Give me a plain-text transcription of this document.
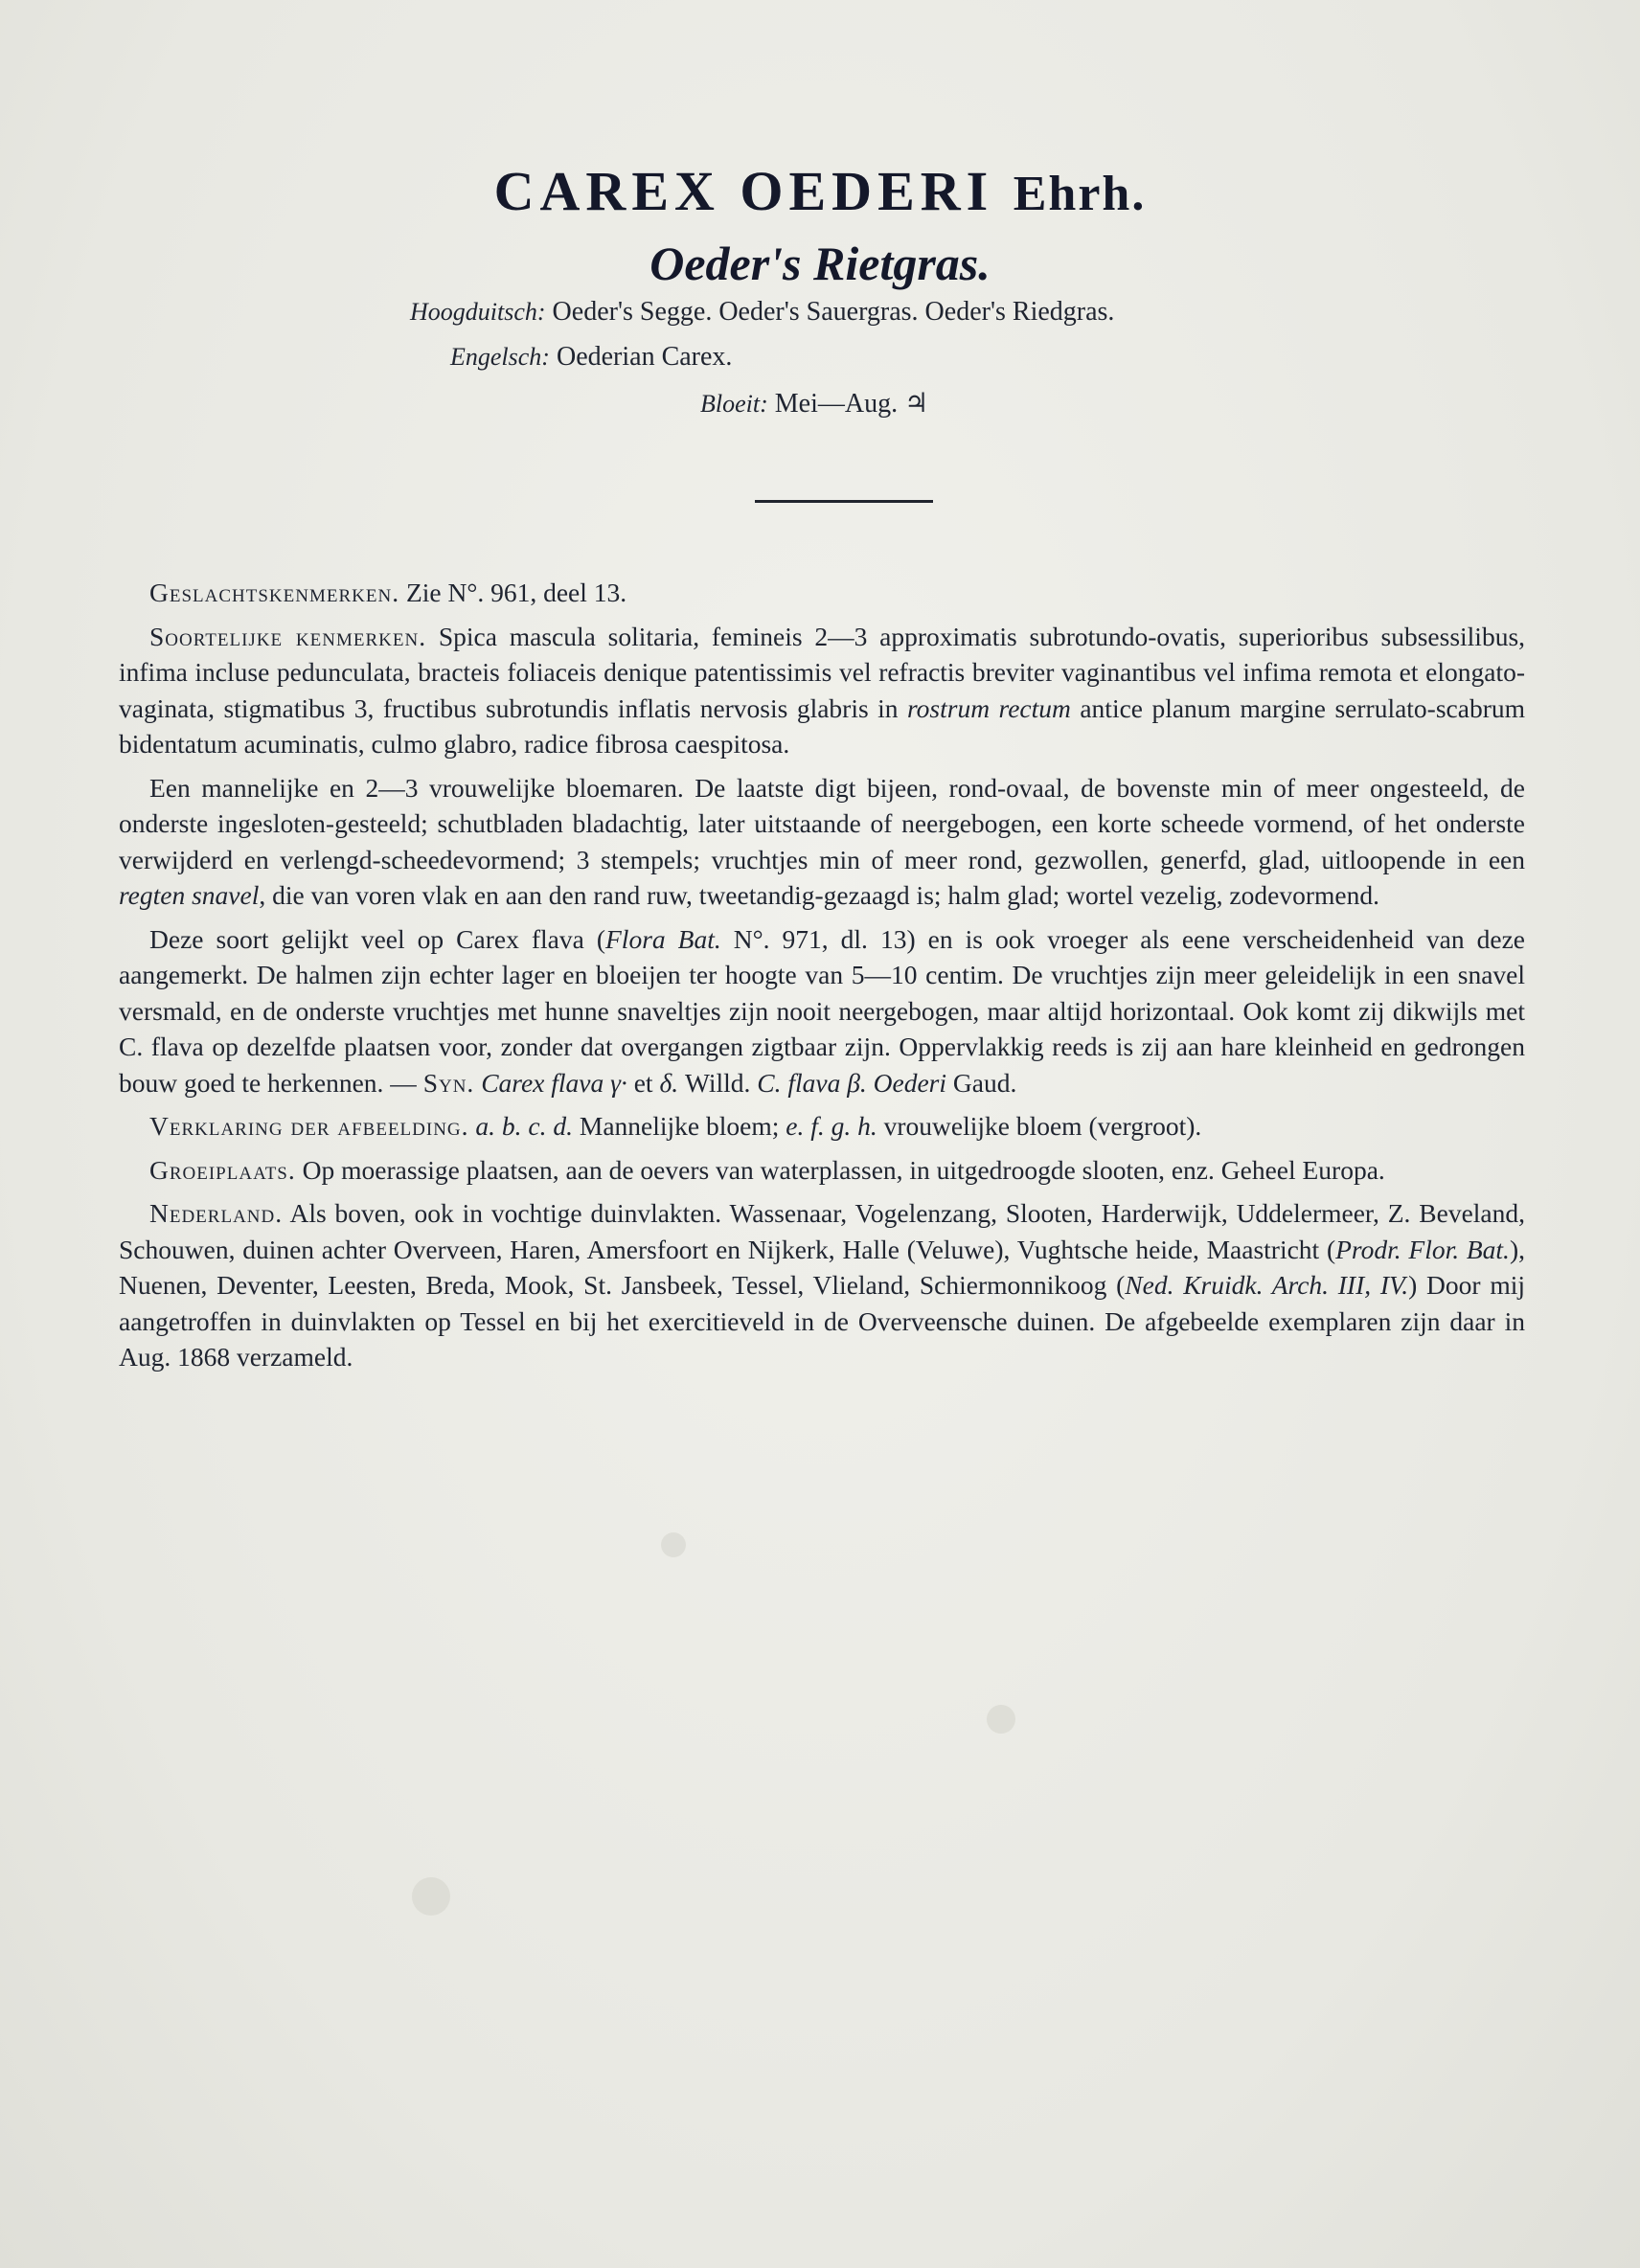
CAREX OEDERI Ehrh.
Oeder's Rietgras.
Hoogduitsch: Oeder's Segge. Oeder's Sauergras. Oeder's Riedgras.
Engelsch: Oederian Carex.
Bloeit: Mei—Aug. ♃

Geslachtskenmerken. Zie N°. 961, deel 13.

Soortelijke kenmerken. Spica mascula solitaria, femineis 2—3 approximatis subrotundo-ovatis, superioribus subsessilibus, infima incluse pedunculata, bracteis foliaceis denique patentissimis vel refractis breviter vaginantibus vel infima remota et elongato-vaginata, stigmatibus 3, fructibus subrotundis inflatis nervosis glabris in rostrum rectum antice planum margine serrulato-scabrum bidentatum acuminatis, culmo glabro, radice fibrosa caespitosa.

Een mannelijke en 2—3 vrouwelijke bloemaren. De laatste digt bijeen, rond-ovaal, de bovenste min of meer ongesteeld, de onderste ingesloten-gesteeld; schutbladen bladachtig, later uitstaande of neergebogen, een korte scheede vormend, of het onderste verwijderd en verlengd-scheedevormend; 3 stempels; vruchtjes min of meer rond, gezwollen, generfd, glad, uitloopende in een regten snavel, die van voren vlak en aan den rand ruw, tweetandig-gezaagd is; halm glad; wortel vezelig, zodevormend.

Deze soort gelijkt veel op Carex flava (Flora Bat. N°. 971, dl. 13) en is ook vroeger als eene verscheidenheid van deze aangemerkt. De halmen zijn echter lager en bloeijen ter hoogte van 5—10 centim. De vruchtjes zijn meer geleidelijk in een snavel versmald, en de onderste vruchtjes met hunne snaveltjes zijn nooit neergebogen, maar altijd horizontaal. Ook komt zij dikwijls met C. flava op dezelfde plaatsen voor, zonder dat overgangen zigtbaar zijn. Oppervlakkig reeds is zij aan hare kleinheid en gedrongen bouw goed te herkennen. — Syn. Carex flava γ· et δ. Willd. C. flava β. Oederi Gaud.

Verklaring der afbeelding. a. b. c. d. Mannelijke bloem; e. f. g. h. vrouwelijke bloem (vergroot).

Groeiplaats. Op moerassige plaatsen, aan de oevers van waterplassen, in uitgedroogde slooten, enz. Geheel Europa.

Nederland. Als boven, ook in vochtige duinvlakten. Wassenaar, Vogelenzang, Slooten, Harderwijk, Uddelermeer, Z. Beveland, Schouwen, duinen achter Overveen, Haren, Amersfoort en Nijkerk, Halle (Veluwe), Vughtsche heide, Maastricht (Prodr. Flor. Bat.), Nuenen, Deventer, Leesten, Breda, Mook, St. Jansbeek, Tessel, Vlieland, Schiermonnikoog (Ned. Kruidk. Arch. III, IV.) Door mij aangetroffen in duinvlakten op Tessel en bij het exercitieveld in de Overveensche duinen. De afgebeelde exemplaren zijn daar in Aug. 1868 verzameld.
